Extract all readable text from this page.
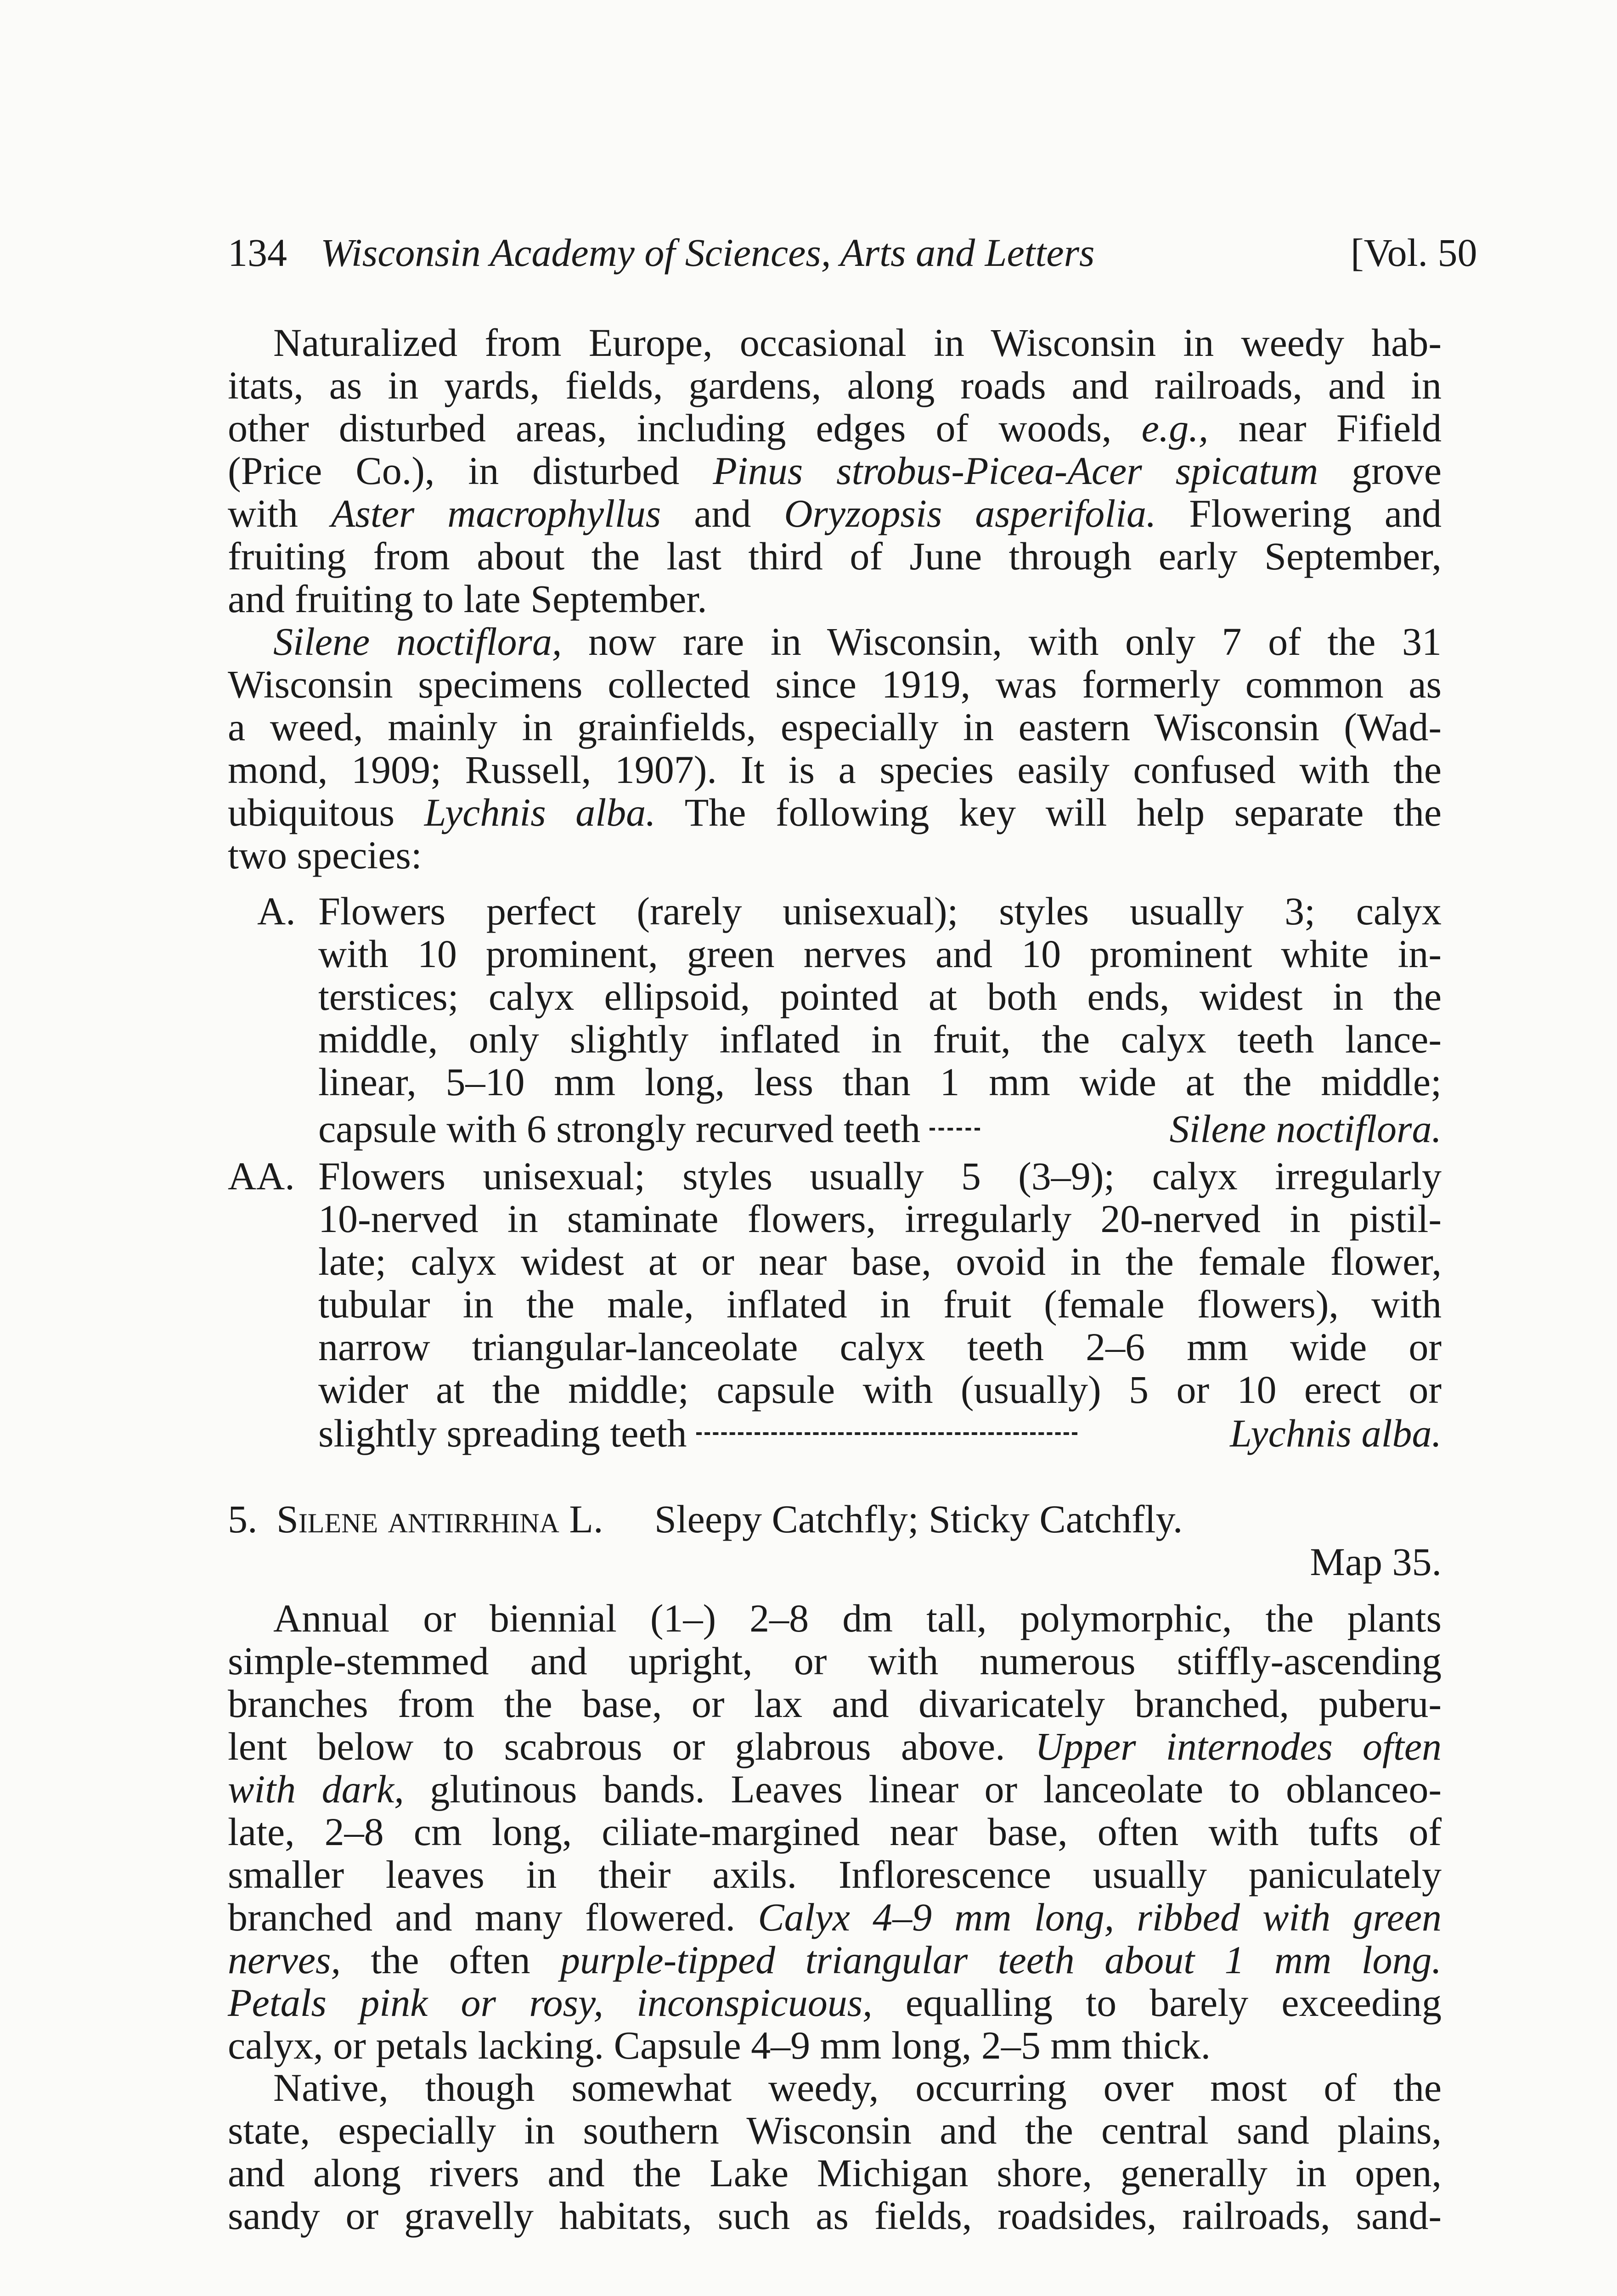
134 Wisconsin Academy of Sciences, Arts and Letters	[Vol. 50
Naturalized from Europe, occasional in Wisconsin in weedy hab-
itats, as in yards, fields, gardens, along roads and railroads, and in
other disturbed areas, including edges of woods, e.g., near Fifield
(Price Co.), in disturbed Pinus strobus-Picea-Acer spicatum grove
with Aster macrophyllus and Oryzopsis asperifolia. Flowering and
fruiting from about the last third of June through early September,
and fruiting to late September.
Silene noctiflora, now rare in Wisconsin, with only 7 of the 31
Wisconsin specimens collected since 1919, was formerly common as
a weed, mainly in grainfields, especially in eastern Wisconsin (Wad-
mond, 1909; Russell, 1907). It is a species easily confused with the
ubiquitous Lychnis alba. The following key will help separate the
two species:
A. Flowers perfect (rarely unisexual); styles usually 3; calyx
with 10 prominent, green nerves and 10 prominent white in-
terstices; calyx ellipsoid, pointed at both ends, widest in the
middle, only slightly inflated in fruit, the calyx teeth lance-
linear, 5–10 mm long, less than 1 mm wide at the middle;
capsule with 6 strongly recurved teeth	Silene noctiflora.
AA. Flowers unisexual; styles usually 5 (3–9); calyx irregularly
10-nerved in staminate flowers, irregularly 20-nerved in pistil-
late; calyx widest at or near base, ovoid in the female flower,
tubular in the male, inflated in fruit (female flowers), with
narrow triangular-lanceolate calyx teeth 2–6 mm wide or
wider at the middle; capsule with (usually) 5 or 10 erect or
slightly spreading teeth	Lychnis alba.
5. Silene antirrhina L. Sleepy Catchfly; Sticky Catchfly.
Map 35.
Annual or biennial (1–) 2–8 dm tall, polymorphic, the plants
simple-stemmed and upright, or with numerous stiffly-ascending
branches from the base, or lax and divaricately branched, puberu-
lent below to scabrous or glabrous above. Upper internodes often
with dark, glutinous bands. Leaves linear or lanceolate to oblanceo-
late, 2–8 cm long, ciliate-margined near base, often with tufts of
smaller leaves in their axils. Inflorescence usually paniculately
branched and many flowered. Calyx 4–9 mm long, ribbed with green
nerves, the often purple-tipped triangular teeth about 1 mm long.
Petals pink or rosy, inconspicuous, equalling to barely exceeding
calyx, or petals lacking. Capsule 4–9 mm long, 2–5 mm thick.
Native, though somewhat weedy, occurring over most of the
state, especially in southern Wisconsin and the central sand plains,
and along rivers and the Lake Michigan shore, generally in open,
sandy or gravelly habitats, such as fields, roadsides, railroads, sand-
